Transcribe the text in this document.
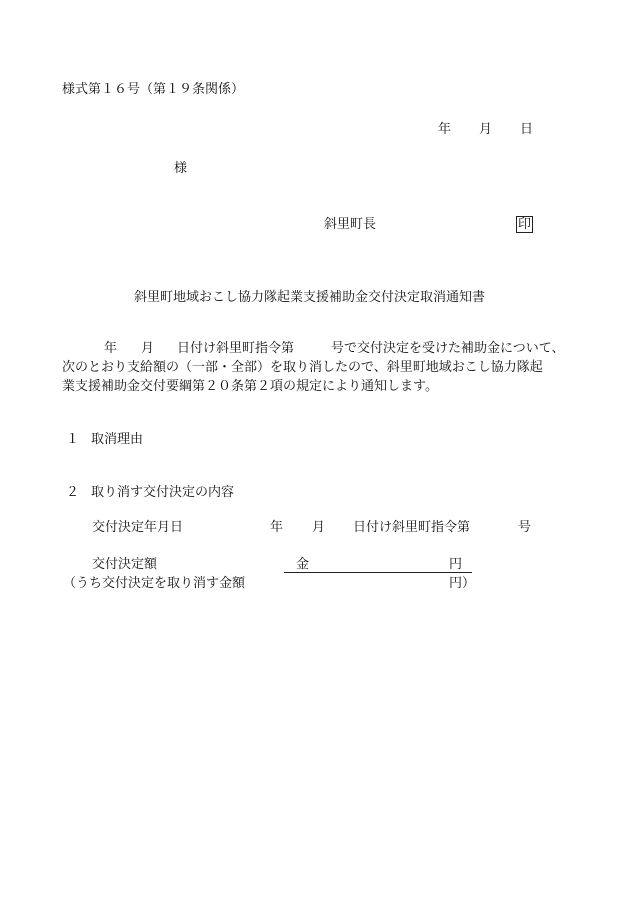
様式第１６号（第１９条関係）
年 月 日
様
斜里町長	印
斜里町地域おこし協力隊起業支援補助金交付決定取消通知書
年 月 日付け斜里町指令第	号で交付決定を受けた補助金について、
次のとおり支給額の（一部・全部）を取り消したので、斜里町地域おこし協力隊起
業支援補助金交付要綱第２０条第２項の規定により通知します。
１ 取消理由
２ 取り消す交付決定の内容
交付決定年月日	年 月 日付け斜里町指令第	号
交付決定額	金	円
（うち交付決定を取り消す金額	円）
